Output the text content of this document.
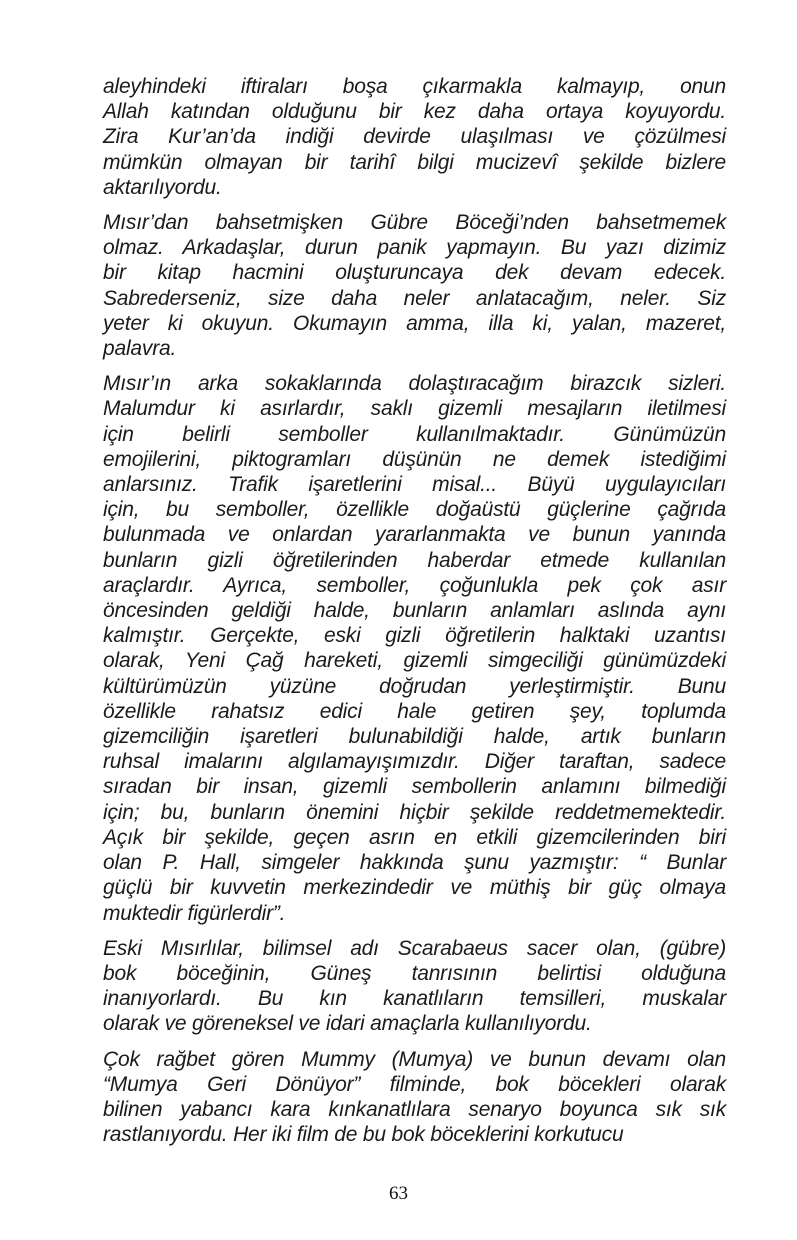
aleyhindeki iftiraları boşa çıkarmakla kalmayıp, onun
Allah katından olduğunu bir kez daha ortaya koyuyordu.
Zira Kur’an’da indiği devirde ulaşılması ve çözülmesi
mümkün olmayan bir tarihî bilgi mucizevî şekilde bizlere
aktarılıyordu.

Mısır’dan bahsetmişken Gübre Böceği’nden bahsetmemek
olmaz. Arkadaşlar, durun panik yapmayın. Bu yazı dizimiz
bir kitap hacmini oluşturuncaya dek devam edecek.
Sabrederseniz, size daha neler anlatacağım, neler. Siz
yeter ki okuyun. Okumayın amma, illa ki, yalan, mazeret,
palavra.

Mısır’ın arka sokaklarında dolaştıracağım birazcık sizleri.
Malumdur ki asırlardır, saklı gizemli mesajların iletilmesi
için belirli semboller kullanılmaktadır. Günümüzün
emojilerini, piktogramları düşünün ne demek istediğimi
anlarsınız. Trafik işaretlerini misal... Büyü uygulayıcıları
için, bu semboller, özellikle doğaüstü güçlerine çağrıda
bulunmada ve onlardan yararlanmakta ve bunun yanında
bunların gizli öğretilerinden haberdar etmede kullanılan
araçlardır. Ayrıca, semboller, çoğunlukla pek çok asır
öncesinden geldiği halde, bunların anlamları aslında aynı
kalmıştır. Gerçekte, eski gizli öğretilerin halktaki uzantısı
olarak, Yeni Çağ hareketi, gizemli simgeciliği günümüzdeki
kültürümüzün yüzüne doğrudan yerleştirmiştir. Bunu
özellikle rahatsız edici hale getiren şey, toplumda
gizemciliğin işaretleri bulunabildiği halde, artık bunların
ruhsal imalarını algılamayışımızdır. Diğer taraftan, sadece
sıradan bir insan, gizemli sembollerin anlamını bilmediği
için; bu, bunların önemini hiçbir şekilde reddetmemektedir.
Açık bir şekilde, geçen asrın en etkili gizemcilerinden biri
olan P. Hall, simgeler hakkında şunu yazmıştır: “ Bunlar
güçlü bir kuvvetin merkezindedir ve müthiş bir güç olmaya
muktedir figürlerdir”.

Eski Mısırlılar, bilimsel adı Scarabaeus sacer olan, (gübre)
bok böceğinin, Güneş tanrısının belirtisi olduğuna
inanıyorlardı. Bu kın kanatlıların temsilleri, muskalar
olarak ve göreneksel ve idari amaçlarla kullanılıyordu.

Çok rağbet gören Mummy (Mumya) ve bunun devamı olan
“Mumya Geri Dönüyor” filminde, bok böcekleri olarak
bilinen yabancı kara kınkanatlılara senaryo boyunca sık sık
rastlanıyordu. Her iki film de bu bok böceklerini korkutucu

63
